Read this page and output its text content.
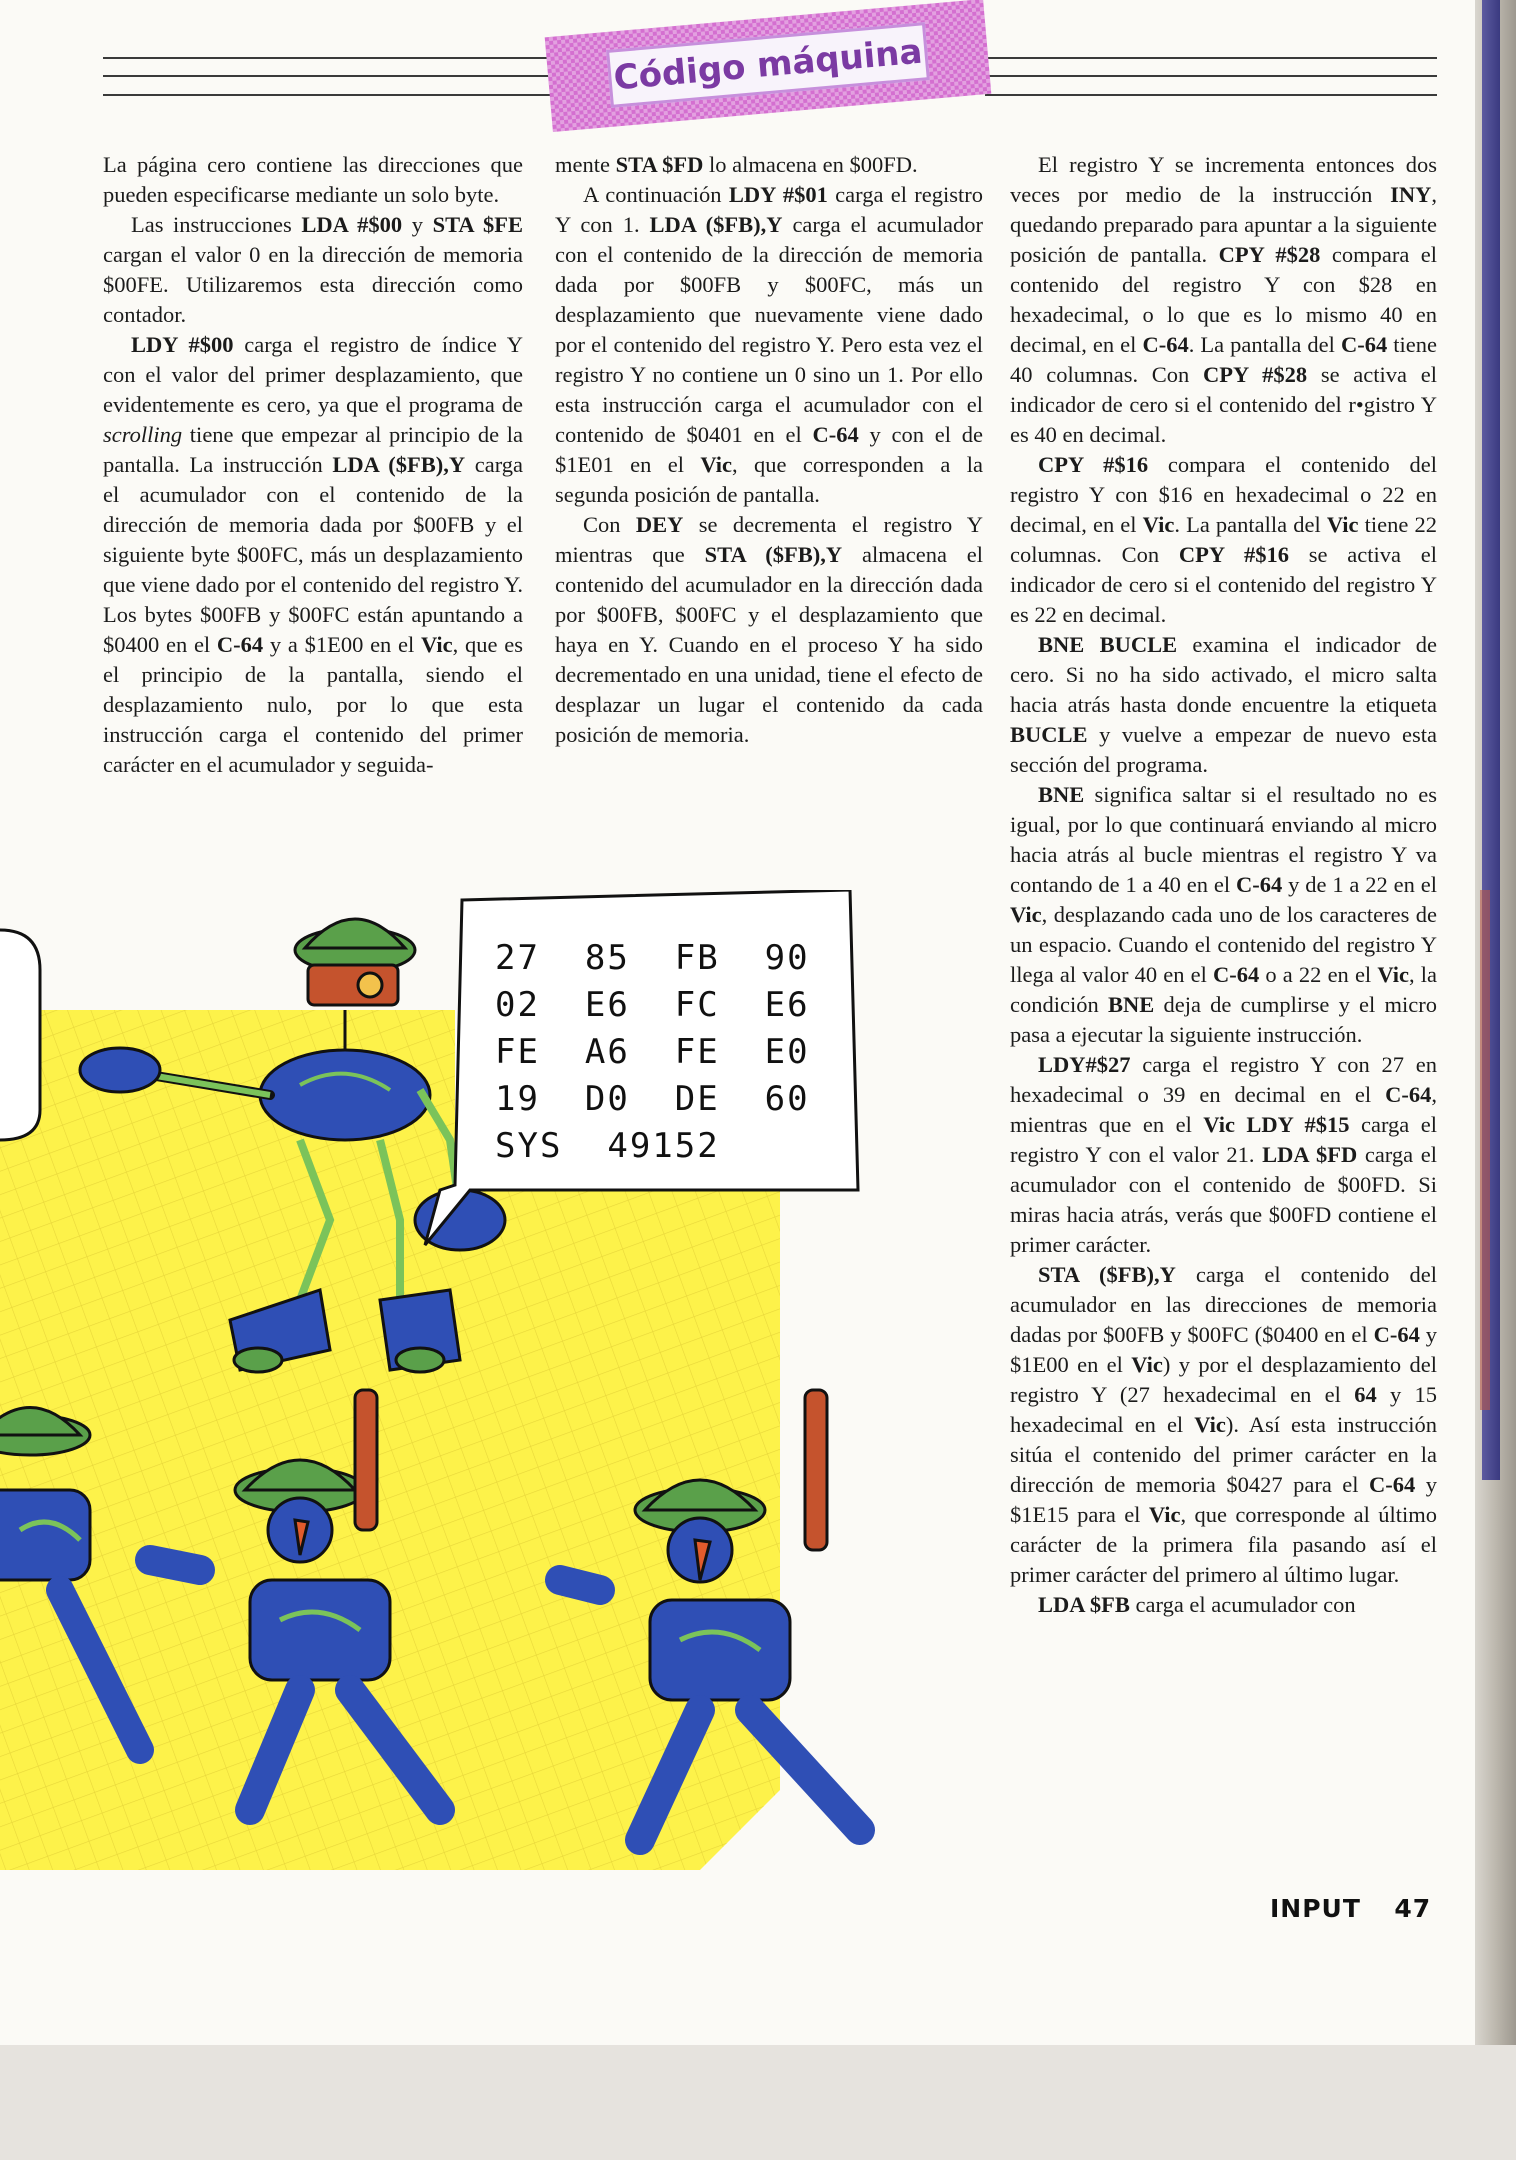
Código máquina

La página cero contiene las direcciones que pueden especificarse mediante un solo byte.

Las instrucciones LDA #$00 y STA $FE cargan el valor 0 en la dirección de memoria $00FE. Utilizaremos esta dirección como contador.

LDY #$00 carga el registro de índice Y con el valor del primer desplazamiento, que evidentemente es cero, ya que el programa de scrolling tiene que empezar al principio de la pantalla. La instrucción LDA ($FB),Y carga el acumulador con el contenido de la dirección de memoria dada por $00FB y el siguiente byte $00FC, más un desplazamiento que viene dado por el contenido del registro Y. Los bytes $00FB y $00FC están apuntando a $0400 en el C-64 y a $1E00 en el Vic, que es el principio de la pantalla, siendo el desplazamiento nulo, por lo que esta instrucción carga el contenido del primer carácter en el acumulador y seguida-

mente STA $FD lo almacena en $00FD.

A continuación LDY #$01 carga el registro Y con 1. LDA ($FB),Y carga el acumulador con el contenido de la dirección de memoria dada por $00FB y $00FC, más un desplazamiento que nuevamente viene dado por el contenido del registro Y. Pero esta vez el registro Y no contiene un 0 sino un 1. Por ello esta instrucción carga el acumulador con el contenido de $0401 en el C-64 y con el de $1E01 en el Vic, que corresponden a la segunda posición de pantalla.

Con DEY se decrementa el registro Y mientras que STA ($FB),Y almacena el contenido del acumulador en la dirección dada por $00FB, $00FC y el desplazamiento que haya en Y. Cuando en el proceso Y ha sido decrementado en una unidad, tiene el efecto de desplazar un lugar el contenido da cada posición de memoria.

El registro Y se incrementa entonces dos veces por medio de la instrucción INY, quedando preparado para apuntar a la siguiente posición de pantalla. CPY #$28 compara el contenido del registro Y con $28 en hexadecimal, o lo que es lo mismo 40 en decimal, en el C-64. La pantalla del C-64 tiene 40 columnas. Con CPY #$28 se activa el indicador de cero si el contenido del r​•gistro Y es 40 en decimal.

CPY #$16 compara el contenido del registro Y con $16 en hexadecimal o 22 en decimal, en el Vic. La pantalla del Vic tiene 22 columnas. Con CPY #$16 se activa el indicador de cero si el contenido del registro Y es 22 en decimal.

BNE BUCLE examina el indicador de cero. Si no ha sido activado, el micro salta hacia atrás hasta donde encuentre la etiqueta BUCLE y vuelve a empezar de nuevo esta sección del programa.

BNE significa saltar si el resultado no es igual, por lo que continuará enviando al micro hacia atrás al bucle mientras el registro Y va contando de 1 a 40 en el C-64 y de 1 a 22 en el Vic, desplazando cada uno de los caracteres de un espacio. Cuando el contenido del registro Y llega al valor 40 en el C-64 o a 22 en el Vic, la condición BNE deja de cumplirse y el micro pasa a ejecutar la siguiente instrucción.

LDY#$27 carga el registro Y con 27 en hexadecimal o 39 en decimal en el C-64, mientras que en el Vic LDY #$15 carga el registro Y con el valor 21. LDA $FD carga el acumulador con el contenido de $00FD. Si miras hacia atrás, verás que $00FD contiene el primer carácter.

STA ($FB),Y carga el contenido del acumulador en las direcciones de memoria dadas por $00FB y $00FC ($0400 en el C-64 y $1E00 en el Vic) y por el desplazamiento del registro Y (27 hexadecimal en el 64 y 15 hexadecimal en el Vic). Así esta instrucción sitúa el contenido del primer carácter en la dirección de memoria $0427 para el C-64 y $1E15 para el Vic, que corresponde al último carácter de la primera fila pasando así el primer carácter del primero al último lugar.

LDA $FB carga el acumulador con

27  85  FB  90
02  E6  FC  E6
FE  A6  FE  E0
19  D0  DE  60
SYS  49152
INPUT 47
